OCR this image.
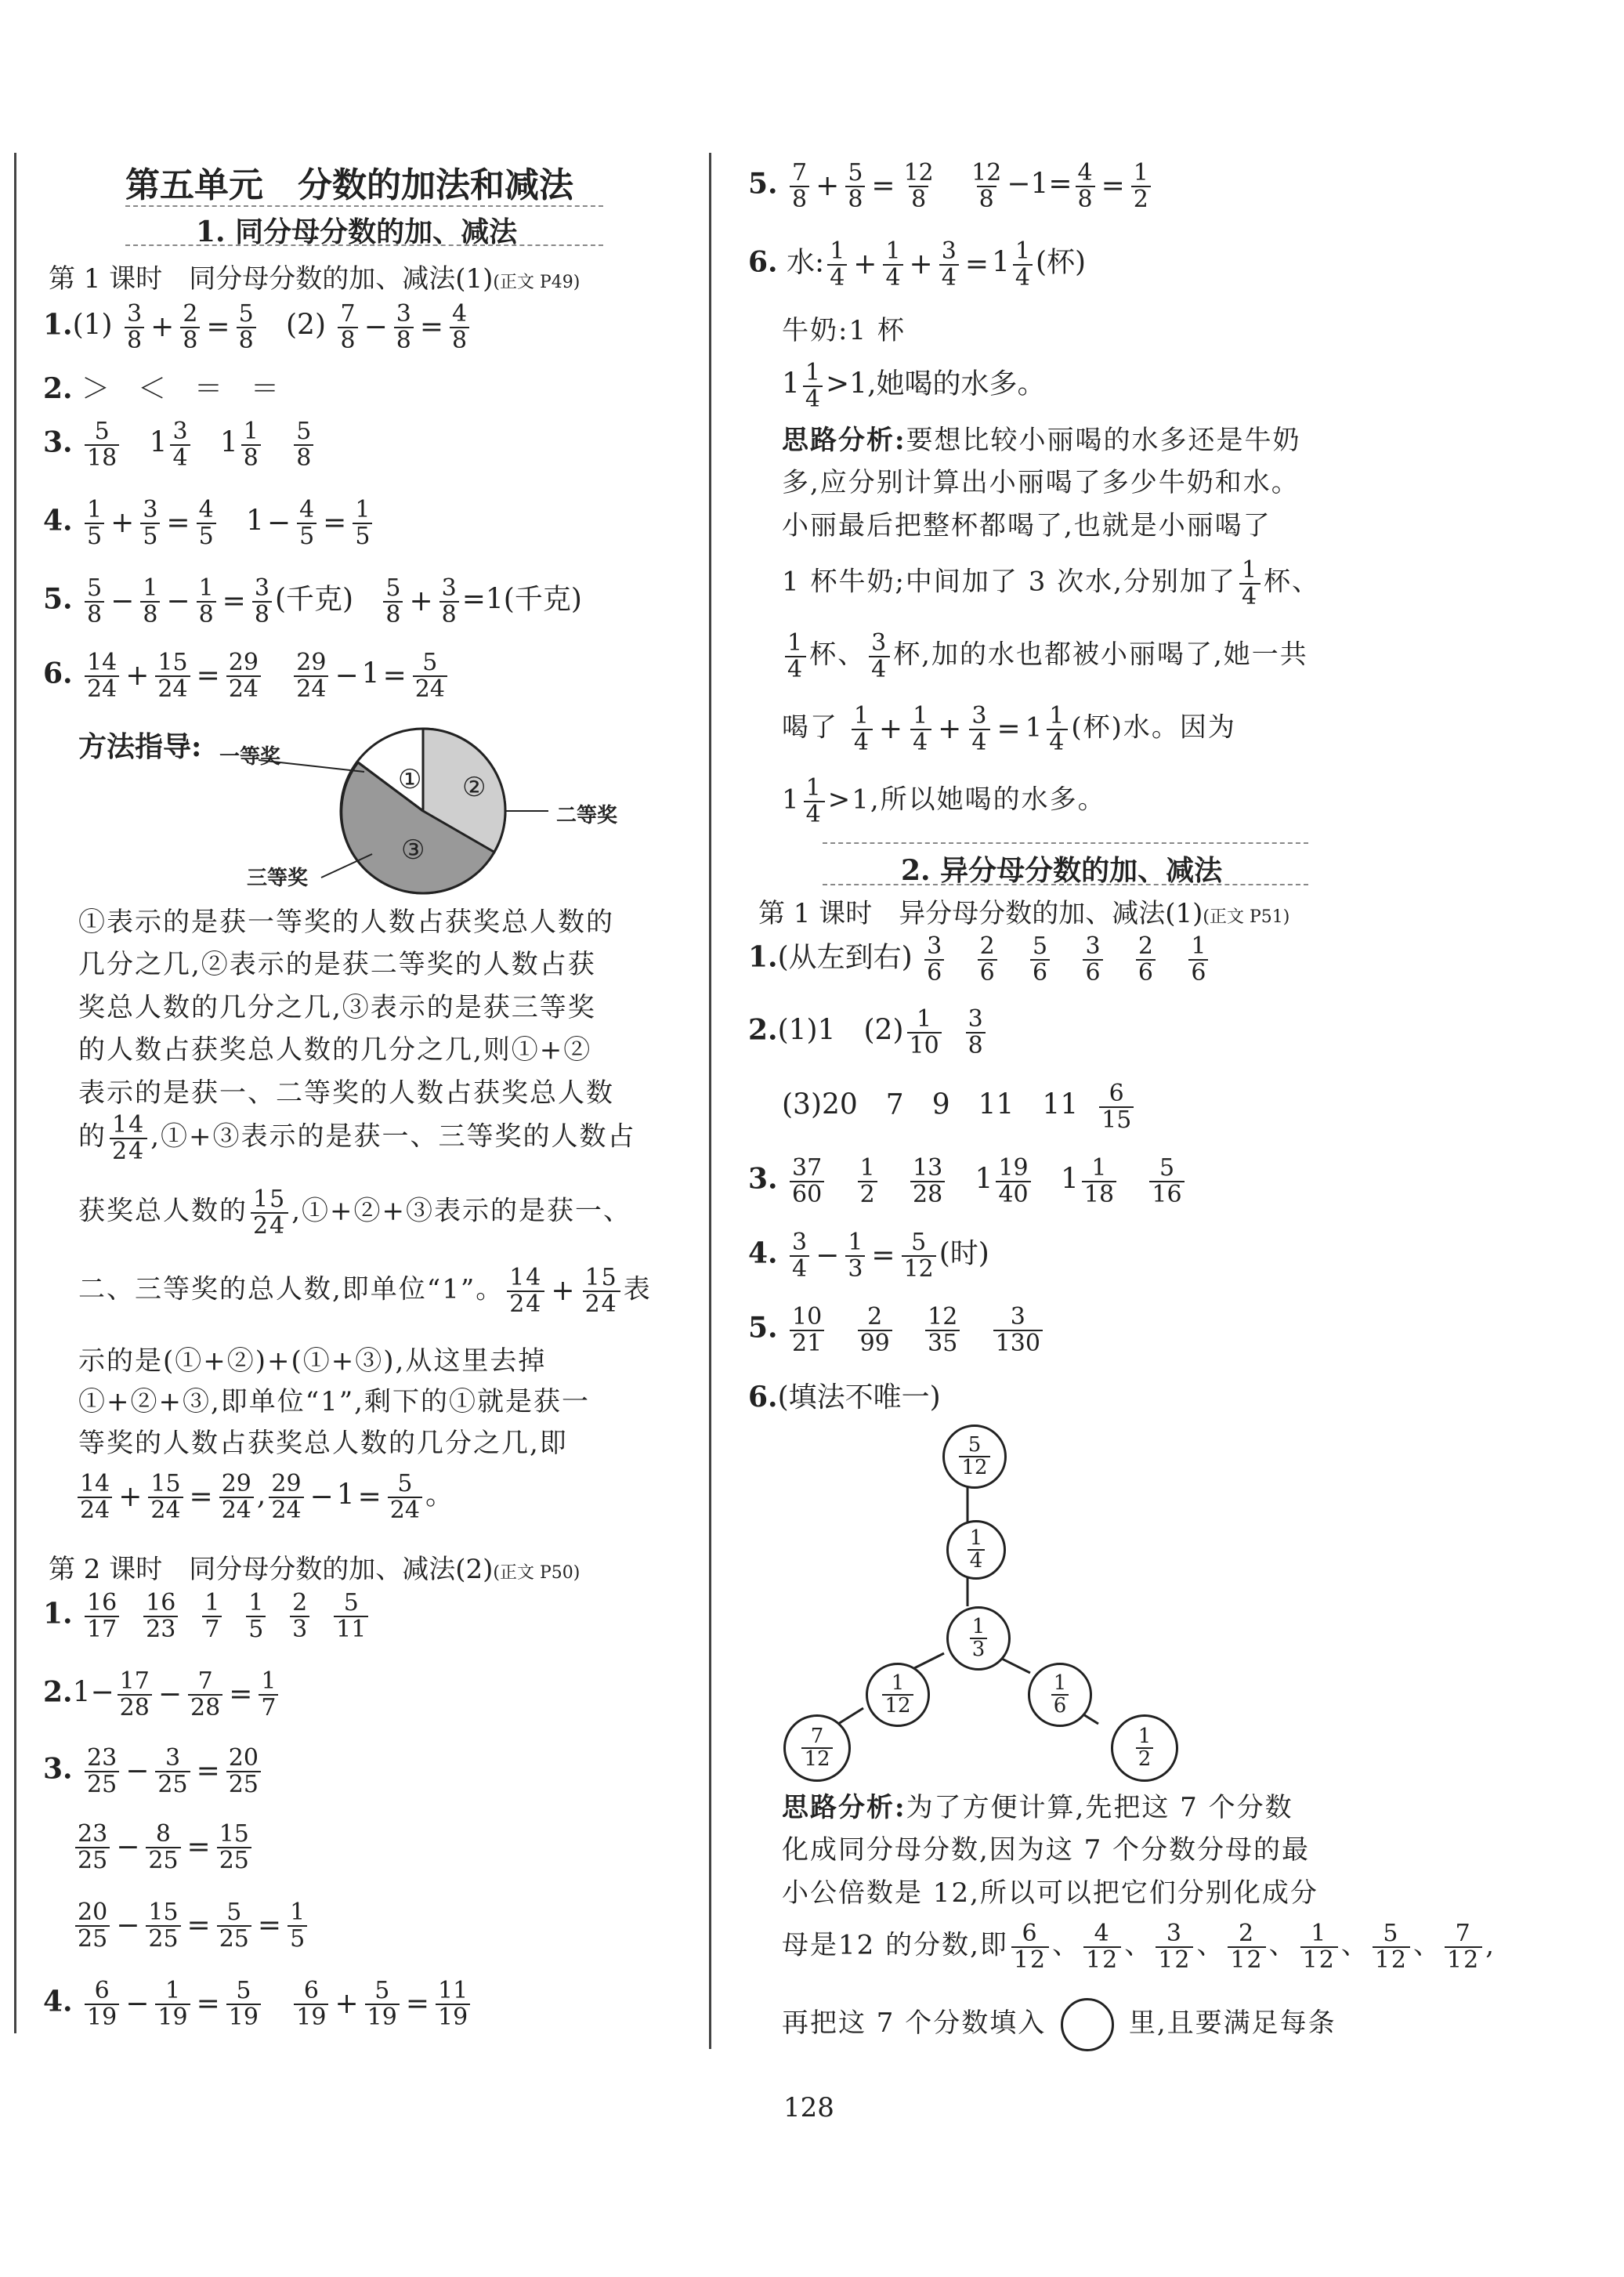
第五单元　分数的加法和减法
1. 同分母分数的加、减法
第 1 课时　同分母分数的加、减法(1)(正文 P49)
$1.(1) \frac{3}{8} + \frac{2}{8} = \frac{5}{8} (2) \frac{7}{8} - \frac{3}{8} = \frac{4}{8}$
2. ＞　＜　＝　＝
3. $\frac{5}{18} 1 \frac{3}{4} 1 \frac{1}{8}$
$\frac{5}{8}$
4. $\frac{1}{5} + \frac{3}{5} = \frac{4}{5} 1 - \frac{4}{5} = \frac{1}{5}$
5. $\frac{5}{8} - \frac{1}{8} - \frac{1}{8} = \frac{3}{8}$ (千克) $\frac{5}{8} + \frac{3}{8} =1$(千克)
6. $\frac{14}{24} + \frac{15}{24} = \frac{29}{24}$
$\frac{29}{24} - 1 = \frac{5}{24}$
方法指导: 一等奖
二等奖
三等奖
① ②
③
①表示的是获一等奖的人数占获奖总人数的
几分之几,②表示的是获二等奖的人数占获
奖总人数的几分之几,③表示的是获三等奖
的人数占获奖总人数的几分之几,则①+②
表示的是获一、二等奖的人数占获奖总人数
的 $\frac{14}{24}$ ,①+③表示的是获一、三等奖的人数占
获奖总人数的 $\frac{15}{24}$ ,①+②+③表示的是获一、
二、三等奖的总人数,即单位“1”。 $\frac{14}{24} + \frac{15}{24}$ 表
示的是(①+②)+(①+③),从这里去掉
①+②+③,即单位“1”,剩下的①就是获一
等奖的人数占获奖总人数的几分之几,即
$\frac{14}{24} + \frac{15}{24} = \frac{29}{24}$ , $\frac{29}{24} - 1 = \frac{5}{24}$ 。
第 2 课时　同分母分数的加、减法(2)(正文 P50)
1. $\frac{16}{17}$
$\frac{16}{23}$
$\frac{1}{7}$
$\frac{1}{5}$
$\frac{2}{3}$
$\frac{5}{11}$
$2.1- \frac{17}{28} - \frac{7}{28} = \frac{1}{7}$
3. $\frac{23}{25} - \frac{3}{25} = \frac{20}{25}$
$\frac{23}{25} - \frac{8}{25} = \frac{15}{25}$
$\frac{20}{25} - \frac{15}{25} = \frac{5}{25} = \frac{1}{5}$
4. $\frac{6}{19} - \frac{1}{19} = \frac{5}{19}$
$\frac{6}{19} + \frac{5}{19} = \frac{11}{19}$
5. $\frac{7}{8} + \frac{5}{8} = \frac{12}{8}$
$\frac{12}{8} -1= \frac{4}{8} = \frac{1}{2}$
6. 水: $\frac{1}{4} + \frac{1}{4} + \frac{3}{4} = 1 \frac{1}{4}$ (杯)
牛奶:1 杯
$1 \frac{1}{4} >1$,她喝的水多。
思路分析:要想比较小丽喝的水多还是牛奶
多,应分别计算出小丽喝了多少牛奶和水。
小丽最后把整杯都喝了,也就是小丽喝了
1 杯牛奶;中间加了 3 次水,分别加了 $\frac{1}{4}$ 杯、
$\frac{1}{4}$ 杯、 $\frac{3}{4}$ 杯,加的水也都被小丽喝了,她一共
喝了 $\frac{1}{4} + \frac{1}{4} + \frac{3}{4} = 1 \frac{1}{4}$ (杯)水。因为
$1 \frac{1}{4} >1$,所以她喝的水多。
2. 异分母分数的加、减法
第 1 课时　异分母分数的加、减法(1)(正文 P51)
1.(从左到右) $\frac{3}{6}$
$\frac{2}{6}$
$\frac{5}{6}$
$\frac{3}{6}$
$\frac{2}{6}$
$\frac{1}{6}$
2.(1)1　$(2) \frac{1}{10}$
$\frac{3}{8}$
(3)20　7　9　11　$11 \frac{6}{15}$
3. $\frac{37}{60}$
$\frac{1}{2}$
$\frac{13}{28} 1 \frac{19}{40} 1 \frac{1}{18}$
$\frac{5}{16}$
4. $\frac{3}{4} - \frac{1}{3} = \frac{5}{12}$ (时)
5. $\frac{10}{21}$
$\frac{2}{99}$
$\frac{12}{35}$
$\frac{3}{130}$
6.(填法不唯一)
5
12
1
4
1
3
1
12
1
6
7
12
1
2
思路分析:为了方便计算,先把这 7 个分数
化成同分母分数,因为这 7 个分数分母的最
小公倍数是 12,所以可以把它们分别化成分
母是12 的分数,即 $\frac{6}{12}$ 、 $\frac{4}{12}$ 、 $\frac{3}{12}$ 、 $\frac{2}{12}$ 、 $\frac{1}{12}$ 、 $\frac{5}{12}$ 、 $\frac{7}{12}$ ,
再把这 7 个分数填入	里,且要满足每条
128
